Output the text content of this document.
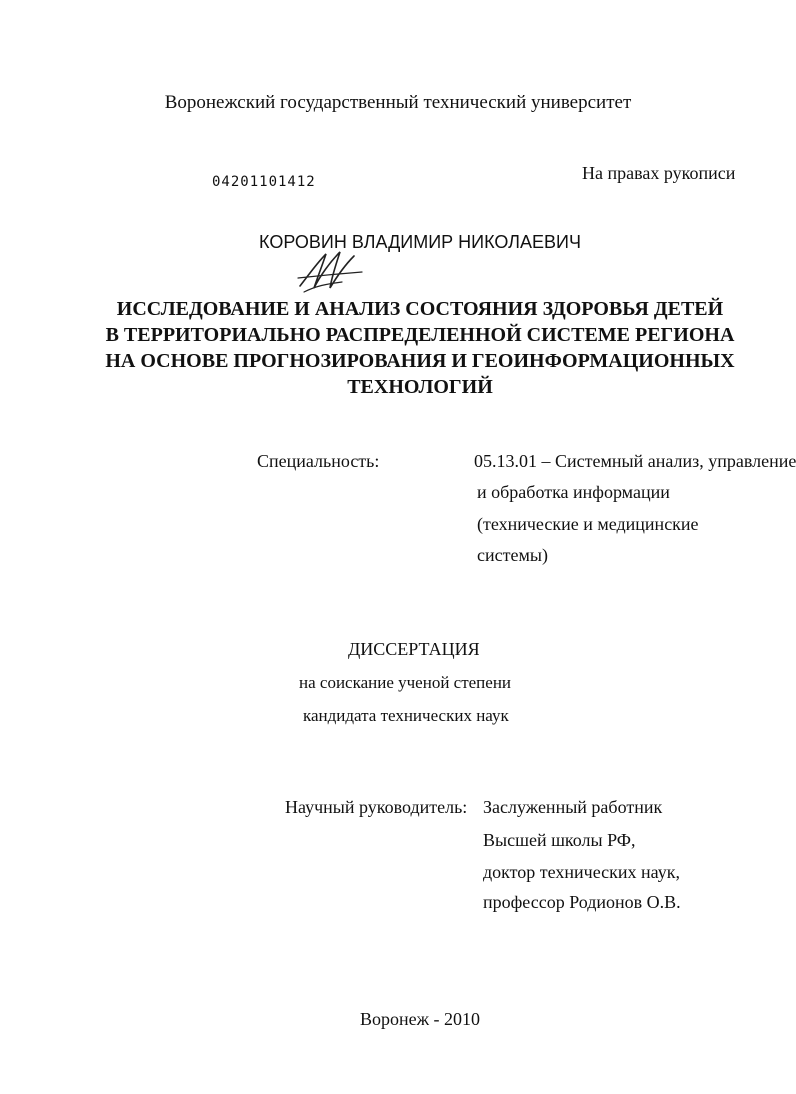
Воронежский государственный технический университет
04201101412	На правах рукописи
КОРОВИН ВЛАДИМИР НИКОЛАЕВИЧ
ИССЛЕДОВАНИЕ И АНАЛИЗ СОСТОЯНИЯ ЗДОРОВЬЯ ДЕТЕЙ
В ТЕРРИТОРИАЛЬНО РАСПРЕДЕЛЕННОЙ СИСТЕМЕ РЕГИОНА
НА ОСНОВЕ ПРОГНОЗИРОВАНИЯ И ГЕОИНФОРМАЦИОННЫХ
ТЕХНОЛОГИЙ
Специальность:	05.13.01 – Системный анализ, управление
и обработка информации
(технические и медицинские
системы)
ДИССЕРТАЦИЯ
на соискание ученой степени
кандидата технических наук
Научный руководитель: Заслуженный работник
Высшей школы РФ,
доктор технических наук,
профессор Родионов О.В.
Воронеж - 2010
